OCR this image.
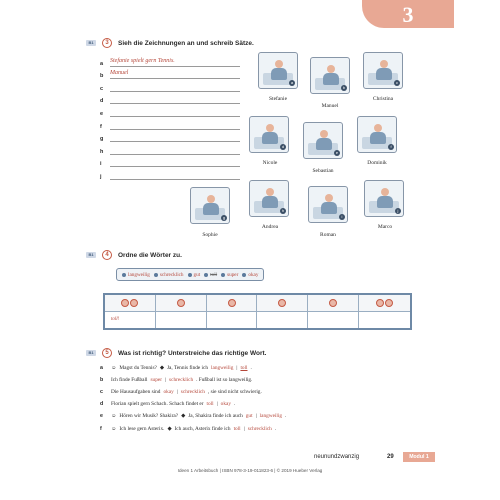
3
B1	3	Sieh die Zeichnungen an und schreib Sätze.
a	Stefanie spielt gern Tennis.
b	Manuel
c
d
e
f
g
h
i
j
a
Stefanie
b
Manuel
c
Christina
d
Nicole
e
Sebastian
f
Dominik
g
Sophie
h
Andrea
i
Roman
j
Marco
B1	4	Ordne die Wörter zu.
langweilig schrecklich gut toll super okay
toll!
B1	5	Was ist richtig? Unterstreiche das richtige Wort.
a	☺ Magst du Tennis? ◆ Ja, Tennis finde ich langweilig | toll .
b	Ich finde Fußball super | schrecklich . Fußball ist so langweilig.
c	Die Hausaufgaben sind okay | schrecklich , sie sind nicht schwierig.
d	Florian spielt gern Schach. Schach findet er toll | okay .
e	☺ Hören wir Musik? Shakira? ◆ Ja, Shakira finde ich auch gut | langweilig .
f	☺ Ich lese gern Asterix. ◆ Ich auch, Asterix finde ich toll | schrecklich .
neunundzwanzig	29	Modul 1
Ideen 1 Arbeitsbuch | ISBN 978-3-19-011823-6 | © 2019 Hueber Verlag
